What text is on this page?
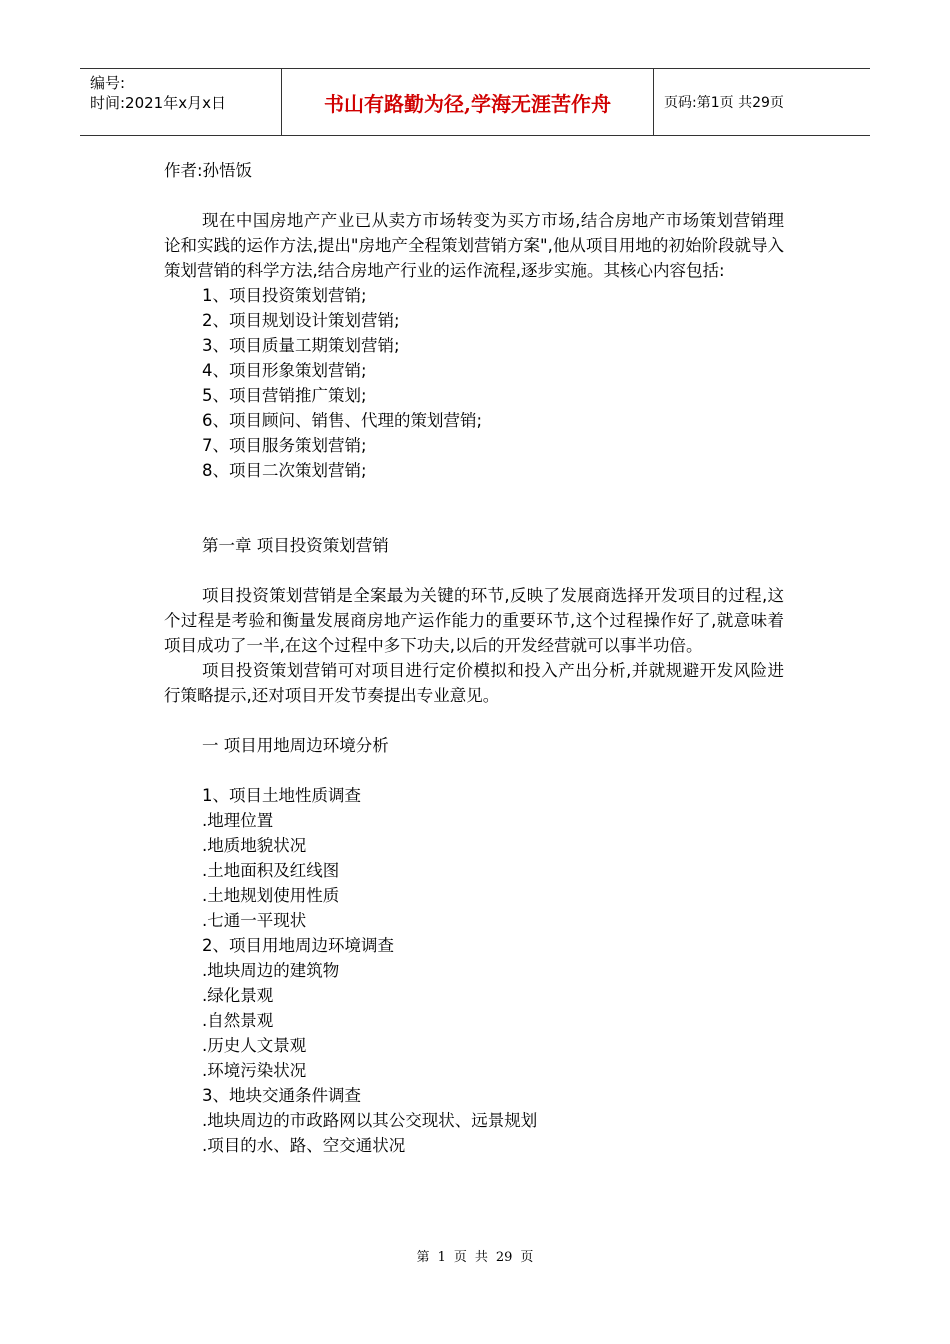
编号:
时间:2021年x月x日	书山有路勤为径,学海无涯苦作舟	页码:第1页 共29页
作者:孙悟饭

现在中国房地产产业已从卖方市场转变为买方市场,结合房地产市场策划营销理论和实践的运作方法,提出"房地产全程策划营销方案",他从项目用地的初始阶段就导入策划营销的科学方法,结合房地产行业的运作流程,逐步实施。其核心内容包括:

1、项目投资策划营销;
2、项目规划设计策划营销;
3、项目质量工期策划营销;
4、项目形象策划营销;
5、项目营销推广策划;
6、项目顾问、销售、代理的策划营销;
7、项目服务策划营销;
8、项目二次策划营销;
第一章 项目投资策划营销

项目投资策划营销是全案最为关键的环节,反映了发展商选择开发项目的过程,这个过程是考验和衡量发展商房地产运作能力的重要环节,这个过程操作好了,就意味着项目成功了一半,在这个过程中多下功夫,以后的开发经营就可以事半功倍。

项目投资策划营销可对项目进行定价模拟和投入产出分析,并就规避开发风险进行策略提示,还对项目开发节奏提出专业意见。

一 项目用地周边环境分析
1、项目土地性质调查
.地理位置
.地质地貌状况
.土地面积及红线图
.土地规划使用性质
.七通一平现状
2、项目用地周边环境调查
.地块周边的建筑物
.绿化景观
.自然景观
.历史人文景观
.环境污染状况
3、地块交通条件调查
.地块周边的市政路网以其公交现状、远景规划
.项目的水、路、空交通状况
第 1 页 共 29 页
